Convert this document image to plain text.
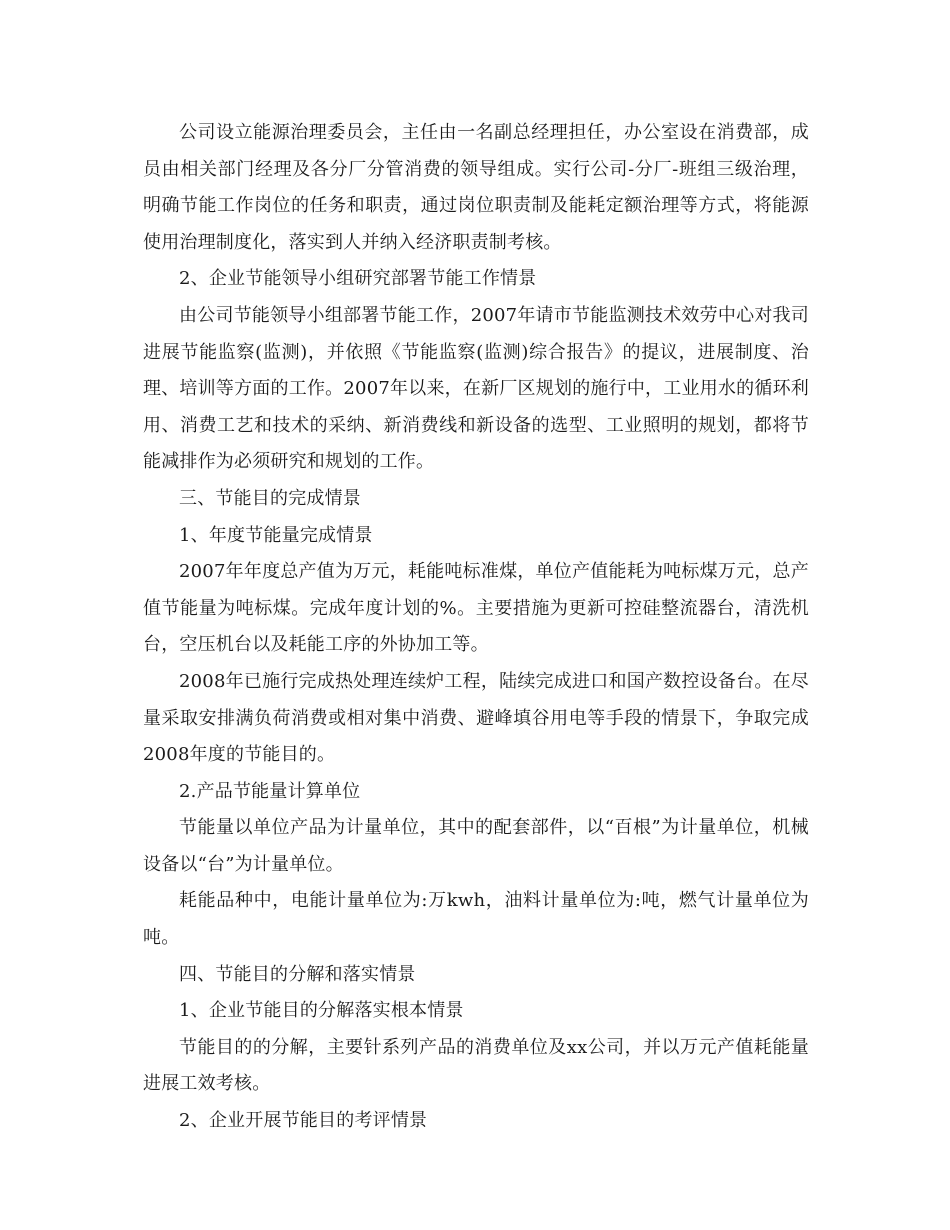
公司设立能源治理委员会，主任由一名副总经理担任，办公室设在消费部，成员由相关部门经理及各分厂分管消费的领导组成。实行公司-分厂-班组三级治理，明确节能工作岗位的任务和职责，通过岗位职责制及能耗定额治理等方式，将能源使用治理制度化，落实到人并纳入经济职责制考核。

2、企业节能领导小组研究部署节能工作情景

由公司节能领导小组部署节能工作，2007年请市节能监测技术效劳中心对我司进展节能监察(监测)，并依照《节能监察(监测)综合报告》的提议，进展制度、治理、培训等方面的工作。2007年以来，在新厂区规划的施行中，工业用水的循环利用、消费工艺和技术的采纳、新消费线和新设备的选型、工业照明的规划，都将节能减排作为必须研究和规划的工作。

三、节能目的完成情景

1、年度节能量完成情景

2007年年度总产值为万元，耗能吨标准煤，单位产值能耗为吨标煤万元，总产值节能量为吨标煤。完成年度计划的%。主要措施为更新可控硅整流器台，清洗机台，空压机台以及耗能工序的外协加工等。

2008年已施行完成热处理连续炉工程，陆续完成进口和国产数控设备台。在尽量采取安排满负荷消费或相对集中消费、避峰填谷用电等手段的情景下，争取完成2008年度的节能目的。

2.产品节能量计算单位

节能量以单位产品为计量单位，其中的配套部件，以“百根”为计量单位，机械设备以“台”为计量单位。

耗能品种中，电能计量单位为:万kwh，油料计量单位为:吨，燃气计量单位为吨。

四、节能目的分解和落实情景

1、企业节能目的分解落实根本情景

节能目的的分解，主要针系列产品的消费单位及xx公司，并以万元产值耗能量进展工效考核。

2、企业开展节能目的考评情景
